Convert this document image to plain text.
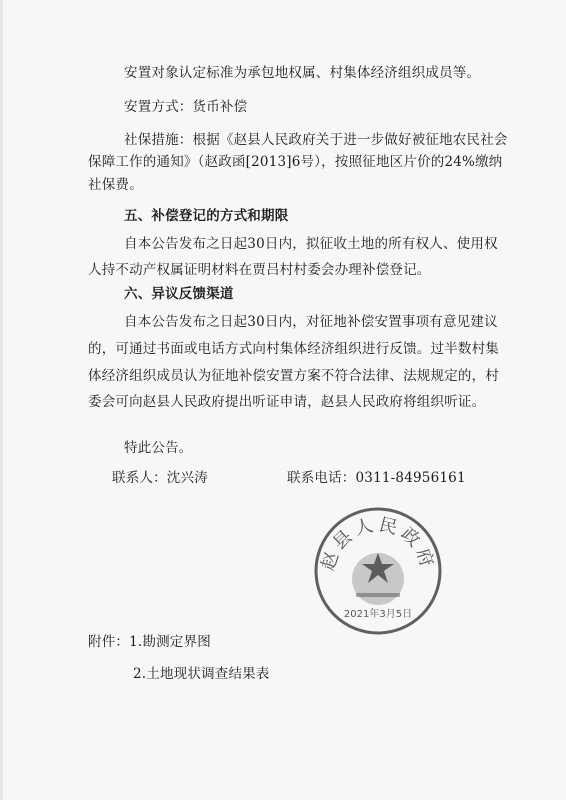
安置对象认定标准为承包地权属、村集体经济组织成员等。
安置方式：货币补偿
社保措施：根据《赵县人民政府关于进一步做好被征地农民社会
保障工作的通知》（赵政函[2013]6号），按照征地区片价的24%缴纳
社保费。
五、补偿登记的方式和期限
自本公告发布之日起30日内，拟征收土地的所有权人、使用权
人持不动产权属证明材料在贾吕村村委会办理补偿登记。
六、异议反馈渠道
自本公告发布之日起30日内，对征地补偿安置事项有意见建议
的，可通过书面或电话方式向村集体经济组织进行反馈。过半数村集
体经济组织成员认为征地补偿安置方案不符合法律、法规规定的，村
委会可向赵县人民政府提出听证申请，赵县人民政府将组织听证。
特此公告。
联系人：沈兴涛	联系电话：0311-84956161
赵县人民政府
2021年3月5日
附件：1.勘测定界图
2.土地现状调查结果表
